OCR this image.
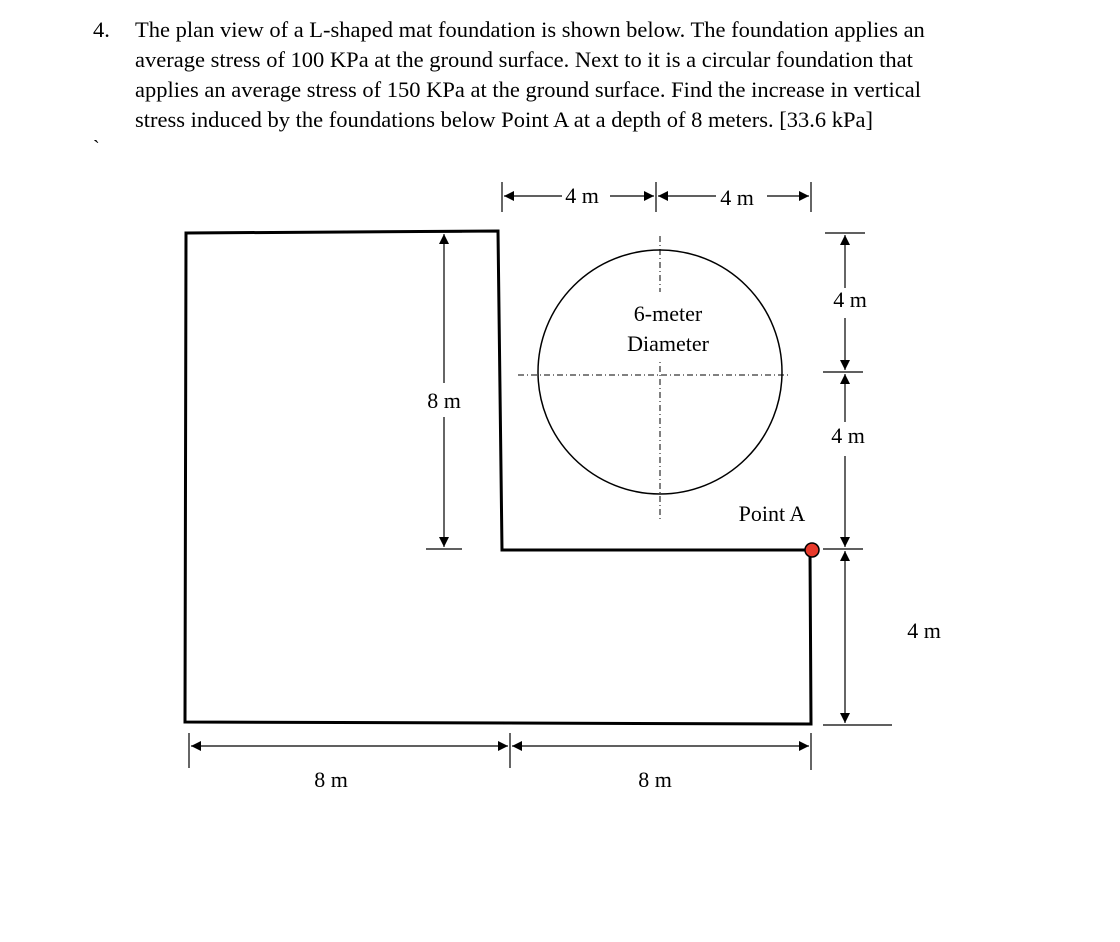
4. The plan view of a L-shaped mat foundation is shown below. The foundation applies an
average stress of 100 KPa at the ground surface. Next to it is a circular foundation that
applies an average stress of 150 KPa at the ground surface. Find the increase in vertical
stress induced by the foundations below Point A at a depth of 8 meters. [33.6 kPa]
`
6-meter
Diameter
4 m	4 m
8 m
4 m
4 m
4 m
8 m	8 m
Point A
